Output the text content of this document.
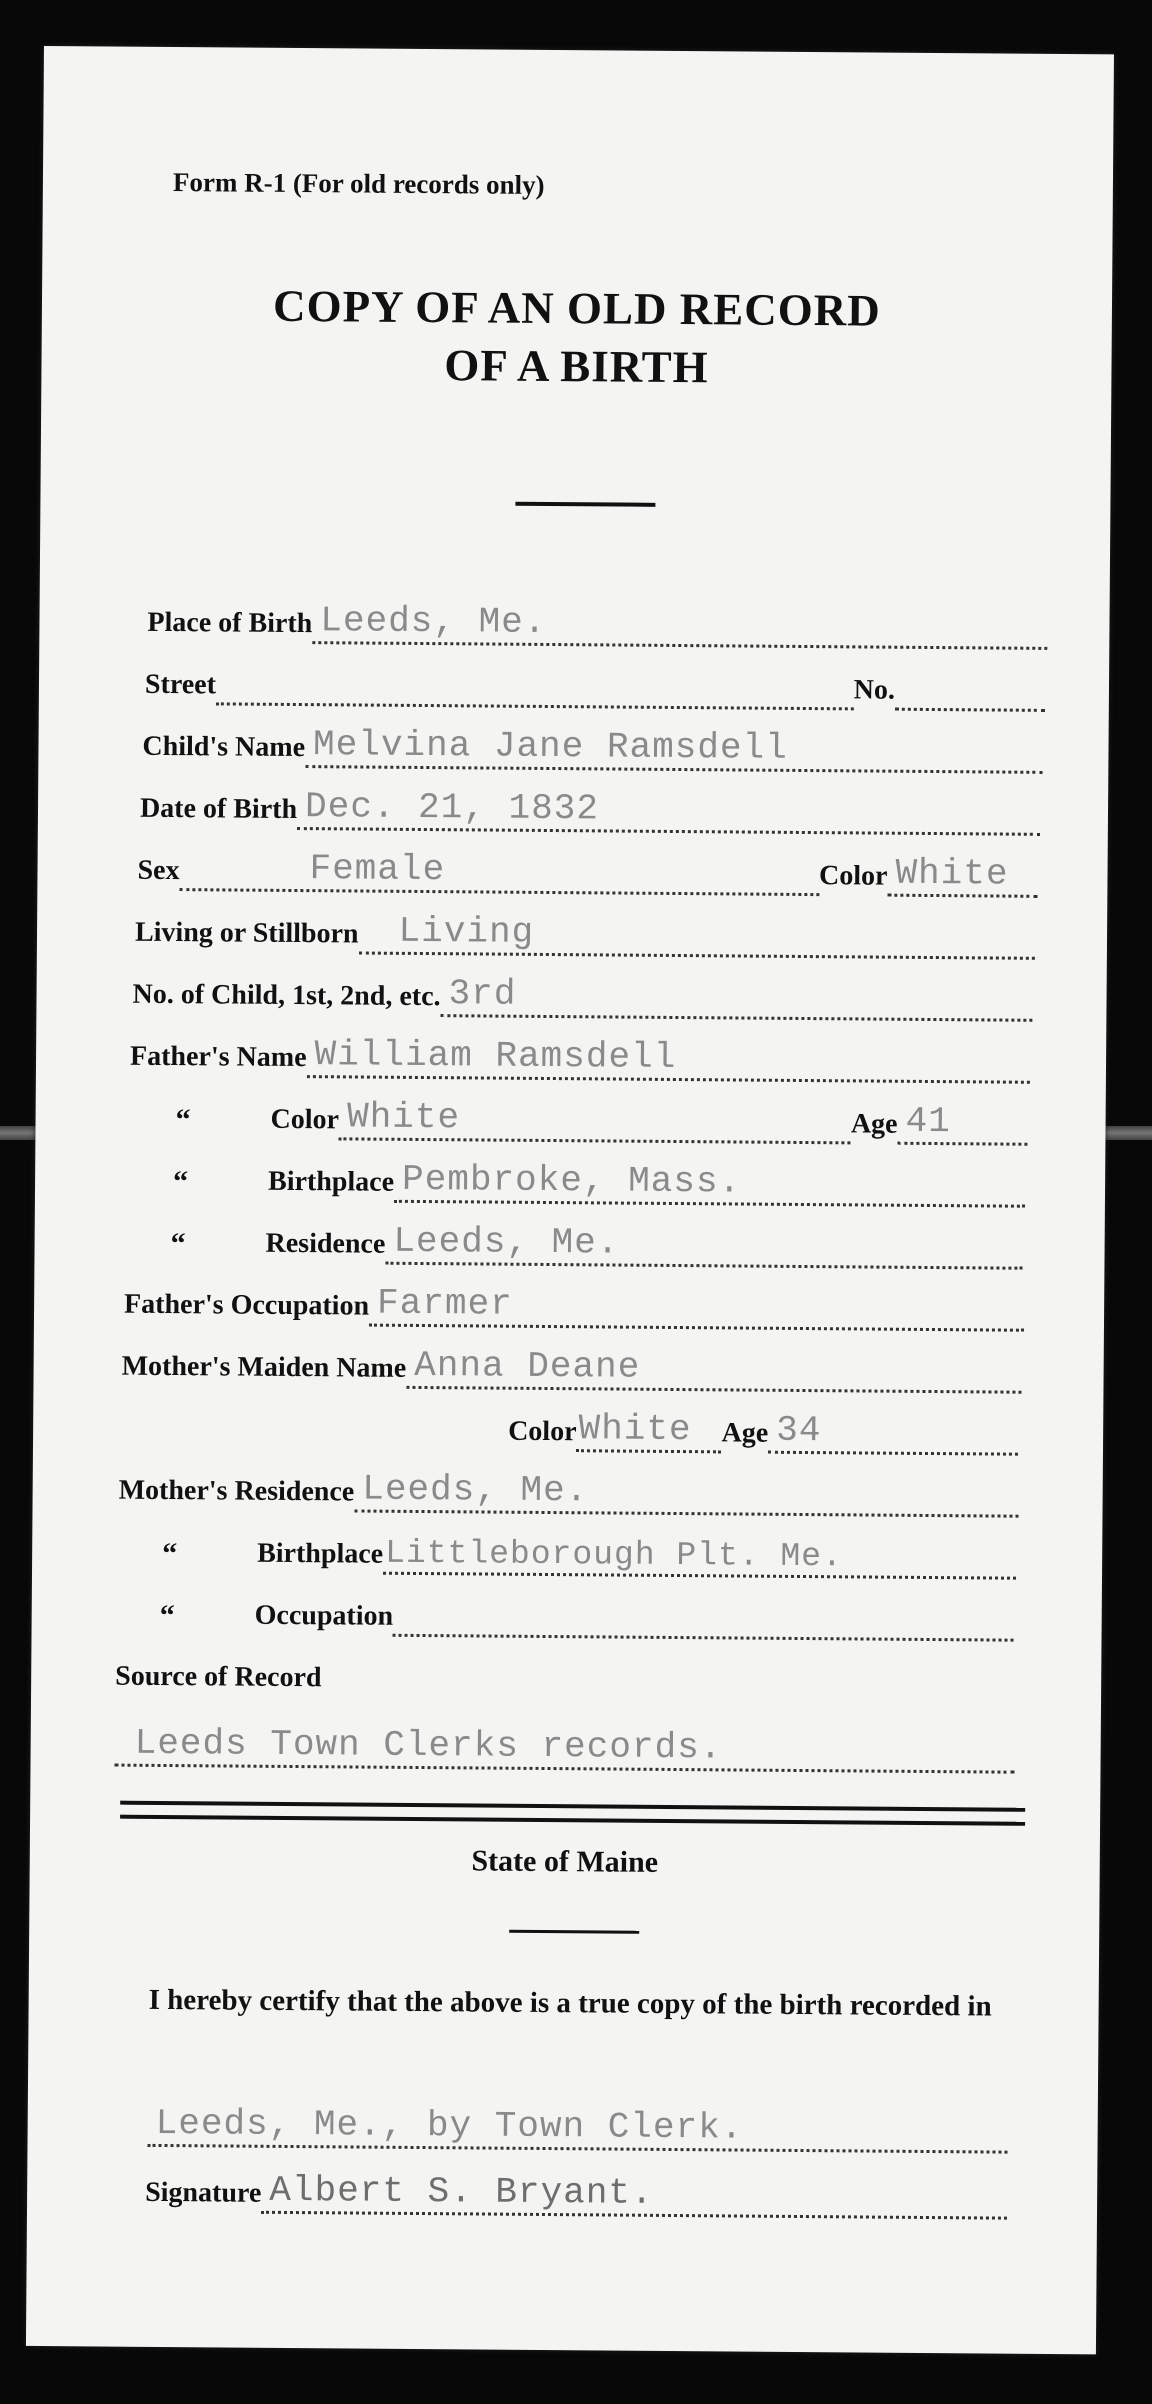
Form R-1 (For old records only)
COPY OF AN OLD RECORD
OF A BIRTH
Place of Birth Leeds, Me.
Street	No.
Child's Name Melvina Jane Ramsdell
Date of Birth Dec. 21, 1832
Sex	Female	Color White
Living or Stillborn Living
No. of Child, 1st, 2nd, etc. 3rd
Father's Name William Ramsdell
“	Color White	Age 41
“	Birthplace Pembroke, Mass.
“	Residence Leeds, Me.
Father's Occupation Farmer
Mother's Maiden Name Anna Deane
Color White Age 34
Mother's Residence Leeds, Me.
“	Birthplace Littleborough Plt. Me.
“	Occupation
Source of Record
Leeds Town Clerks records.
State of Maine
I hereby certify that the above is a true copy of the birth recorded in
Leeds, Me., by Town Clerk.
Signature Albert S. Bryant.
